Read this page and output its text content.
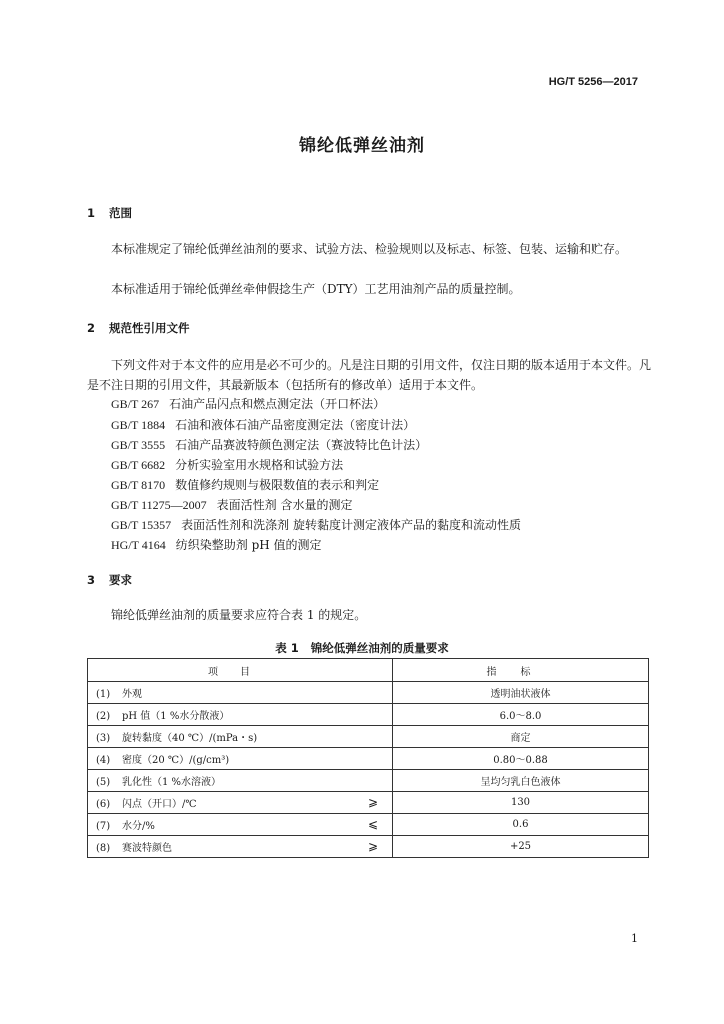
HG/T 5256—2017
锦纶低弹丝油剂
1 范围
本标准规定了锦纶低弹丝油剂的要求、试验方法、检验规则以及标志、标签、包装、运输和贮存。
本标准适用于锦纶低弹丝牵伸假捻生产（DTY）工艺用油剂产品的质量控制。
2 规范性引用文件
下列文件对于本文件的应用是必不可少的。凡是注日期的引用文件，仅注日期的版本适用于本文件。凡是不注日期的引用文件，其最新版本（包括所有的修改单）适用于本文件。
GB/T 267 石油产品闪点和燃点测定法（开口杯法）
GB/T 1884 石油和液体石油产品密度测定法（密度计法）
GB/T 3555 石油产品赛波特颜色测定法（赛波特比色计法）
GB/T 6682 分析实验室用水规格和试验方法
GB/T 8170 数值修约规则与极限数值的表示和判定
GB/T 11275—2007 表面活性剂 含水量的测定
GB/T 15357 表面活性剂和洗涤剂 旋转黏度计测定液体产品的黏度和流动性质
HG/T 4164 纺织染整助剂 pH 值的测定
3 要求
锦纶低弹丝油剂的质量要求应符合表 1 的规定。
表 1 锦纶低弹丝油剂的质量要求
项目	指标
(1) 外观	透明油状液体
(2) pH 值（1 %水分散液）	6.0～8.0
(3) 旋转黏度（40 ℃）/(mPa・s)	商定
(4) 密度（20 ℃）/(g/cm³)	0.80～0.88
(5) 乳化性（1 %水溶液）	呈均匀乳白色液体
(6) 闪点（开口）/℃ ⩾	130
(7) 水分/% ⩽	0.6
(8) 赛波特颜色 ⩾	+25
1
